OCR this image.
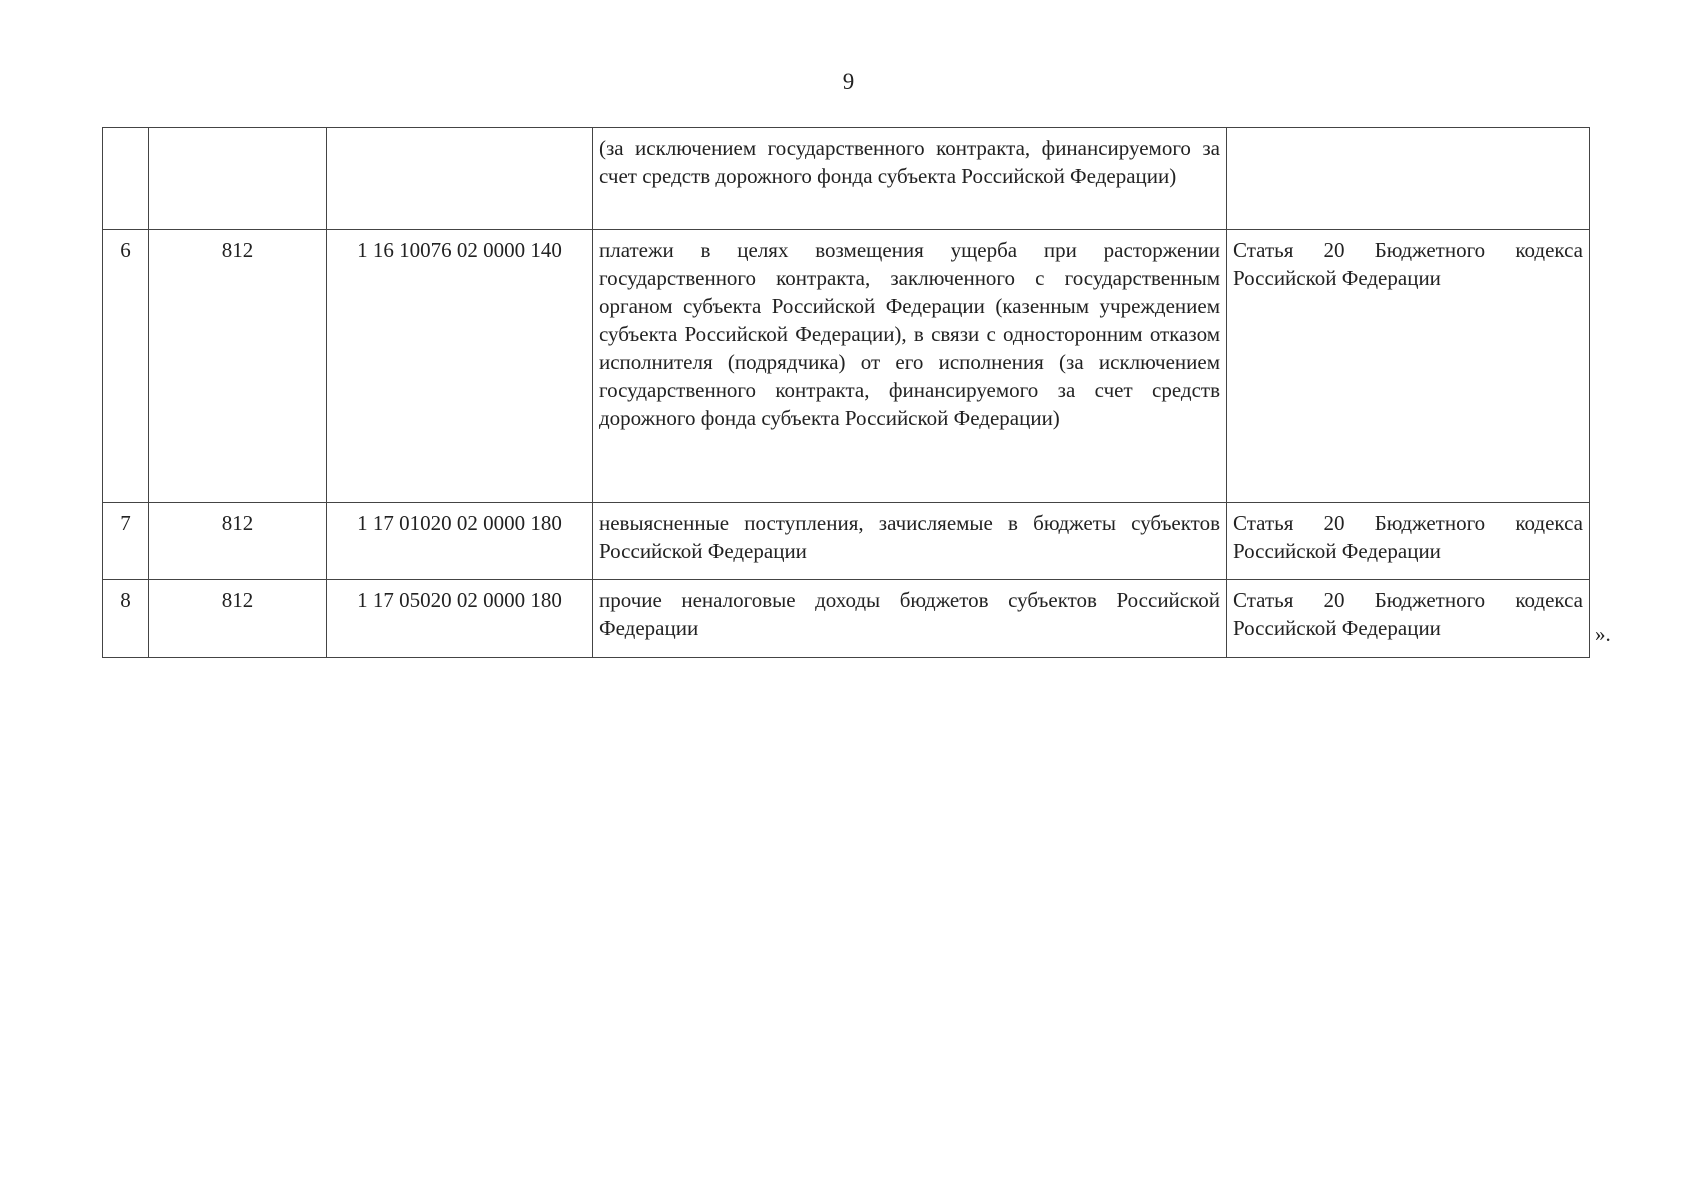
9
			(за исключением государственного контракта, финансируемого за счет средств дорожного фонда субъекта Российской Федерации)	
6	812	1 16 10076 02 0000 140	платежи в целях возмещения ущерба при расторжении государственного контракта, заключенного с государственным органом субъекта Российской Федерации (казенным учреждением субъекта Российской Федерации), в связи с односторонним отказом исполнителя (подрядчика) от его исполнения (за исключением государственного контракта, финансируемого за счет средств дорожного фонда субъекта Российской Федерации)	Статья 20 Бюджетного кодекса Российской Федерации
7	812	1 17 01020 02 0000 180	невыясненные поступления, зачисляемые в бюджеты субъектов Российской Федерации	Статья 20 Бюджетного кодекса Российской Федерации
8	812	1 17 05020 02 0000 180	прочие неналоговые доходы бюджетов субъектов Российской Федерации	Статья 20 Бюджетного кодекса Российской Федерации	».
